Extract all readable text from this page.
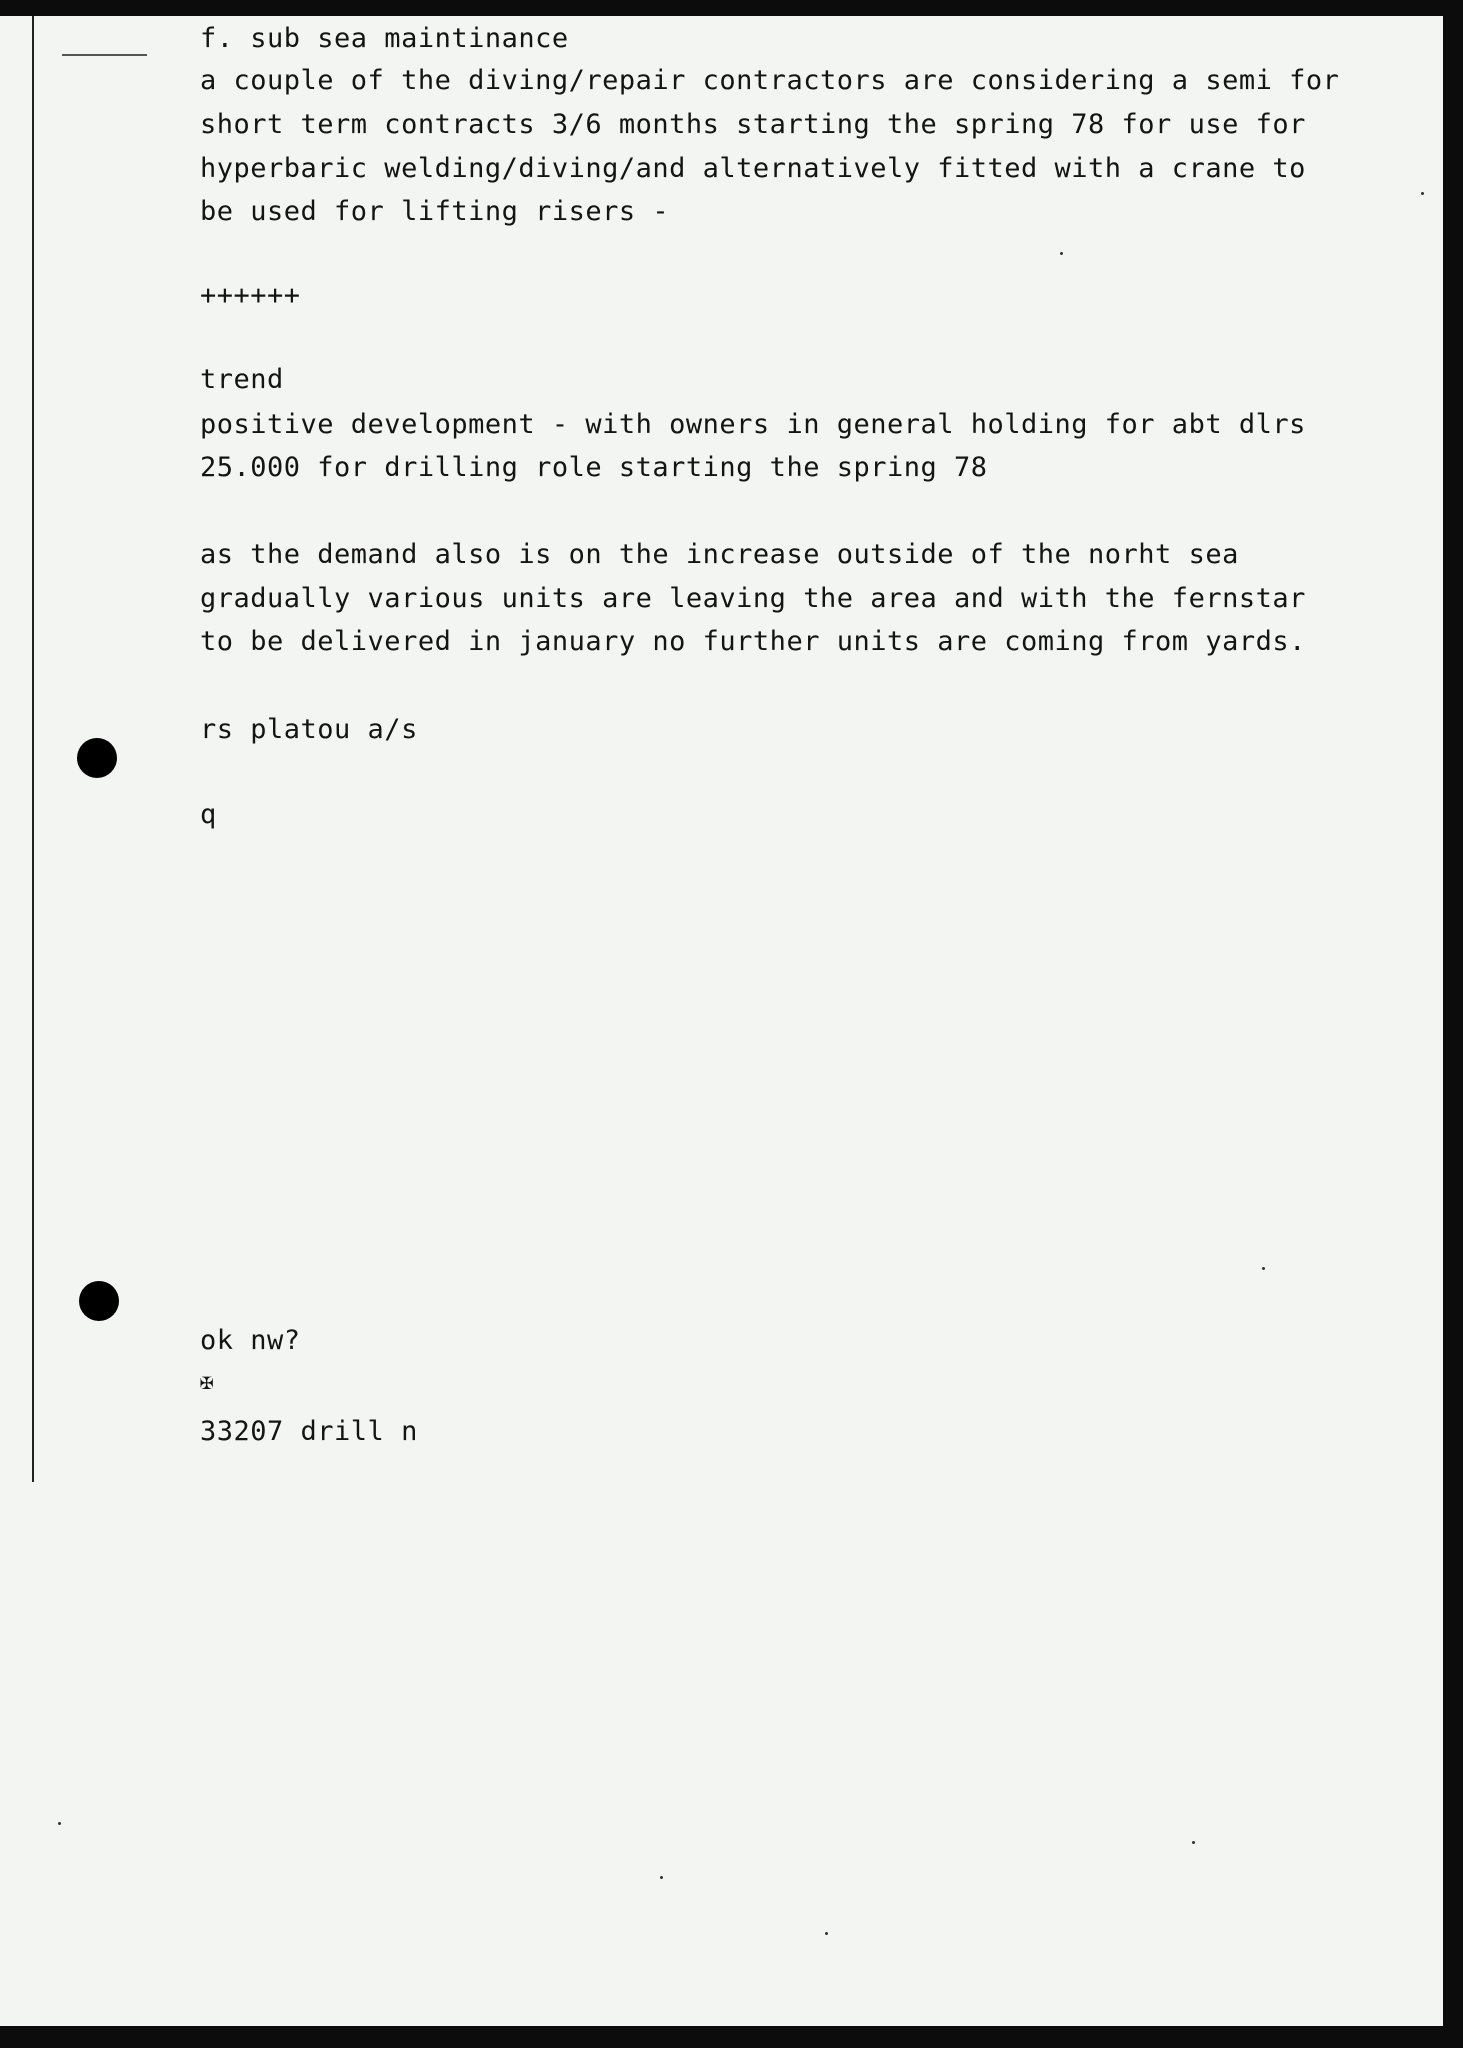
f. sub sea maintinance

a couple of the diving/repair contractors are considering a semi for

short term contracts 3/6 months starting the spring 78 for use for

hyperbaric welding/diving/and alternatively fitted with a crane to

be used for lifting risers -

++++++

trend

positive development - with owners in general holding for abt dlrs

25.000 for drilling role starting the spring 78

as the demand also is on the increase outside of the norht sea

gradually various units are leaving the area and with the fernstar

to be delivered in january no further units are coming from yards.

rs platou a/s

q

ok nw?

✠

33207 drill n
